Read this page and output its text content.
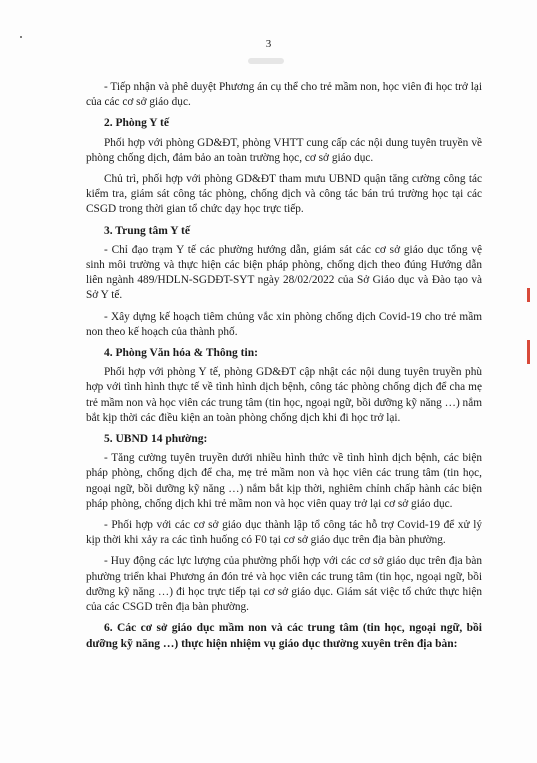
3

- Tiếp nhận và phê duyệt Phương án cụ thể cho trẻ mầm non, học viên đi học trở lại của các cơ sở giáo dục.

2. Phòng Y tế

Phối hợp với phòng GD&ĐT, phòng VHTT cung cấp các nội dung tuyên truyền về phòng chống dịch, đảm bảo an toàn trường học, cơ sở giáo dục.

Chủ trì, phối hợp với phòng GD&ĐT tham mưu UBND quận tăng cường công tác kiểm tra, giám sát công tác phòng, chống dịch và công tác bán trú trường học tại các CSGD trong thời gian tổ chức dạy học trực tiếp.

3. Trung tâm Y tế

- Chỉ đạo trạm Y tế các phường hướng dẫn, giám sát các cơ sở giáo dục tổng vệ sinh môi trường và thực hiện các biện pháp phòng, chống dịch theo đúng Hướng dẫn liên ngành 489/HDLN-SGDĐT-SYT ngày 28/02/2022 của Sở Giáo dục và Đào tạo và Sở Y tế.

- Xây dựng kế hoạch tiêm chủng vắc xin phòng chống dịch Covid-19 cho trẻ mầm non theo kế hoạch của thành phố.

4. Phòng Văn hóa & Thông tin:

Phối hợp với phòng Y tế, phòng GD&ĐT cập nhật các nội dung tuyên truyền phù hợp với tình hình thực tế về tình hình dịch bệnh, công tác phòng chống dịch để cha mẹ trẻ mầm non và học viên các trung tâm (tin học, ngoại ngữ, bồi dưỡng kỹ năng …) nắm bắt kịp thời các điều kiện an toàn phòng chống dịch khi đi học trở lại.

5. UBND 14 phường:

- Tăng cường tuyên truyền dưới nhiều hình thức về tình hình dịch bệnh, các biện pháp phòng, chống dịch để cha, mẹ trẻ mầm non và học viên các trung tâm (tin học, ngoại ngữ, bồi dưỡng kỹ năng …) nắm bắt kịp thời, nghiêm chỉnh chấp hành các biện pháp phòng, chống dịch khi trẻ mầm non và học viên quay trở lại cơ sở giáo dục.

- Phối hợp với các cơ sở giáo dục thành lập tổ công tác hỗ trợ Covid-19 để xử lý kịp thời khi xảy ra các tình huống có F0 tại cơ sở giáo dục trên địa bàn phường.

- Huy động các lực lượng của phường phối hợp với các cơ sở giáo dục trên địa bàn phường triển khai Phương án đón trẻ và học viên các trung tâm (tin học, ngoại ngữ, bồi dưỡng kỹ năng …) đi học trực tiếp tại cơ sở giáo dục. Giám sát việc tổ chức thực hiện của các CSGD trên địa bàn phường.

6. Các cơ sở giáo dục mầm non và các trung tâm (tin học, ngoại ngữ, bồi dưỡng kỹ năng …) thực hiện nhiệm vụ giáo dục thường xuyên trên địa bàn:
